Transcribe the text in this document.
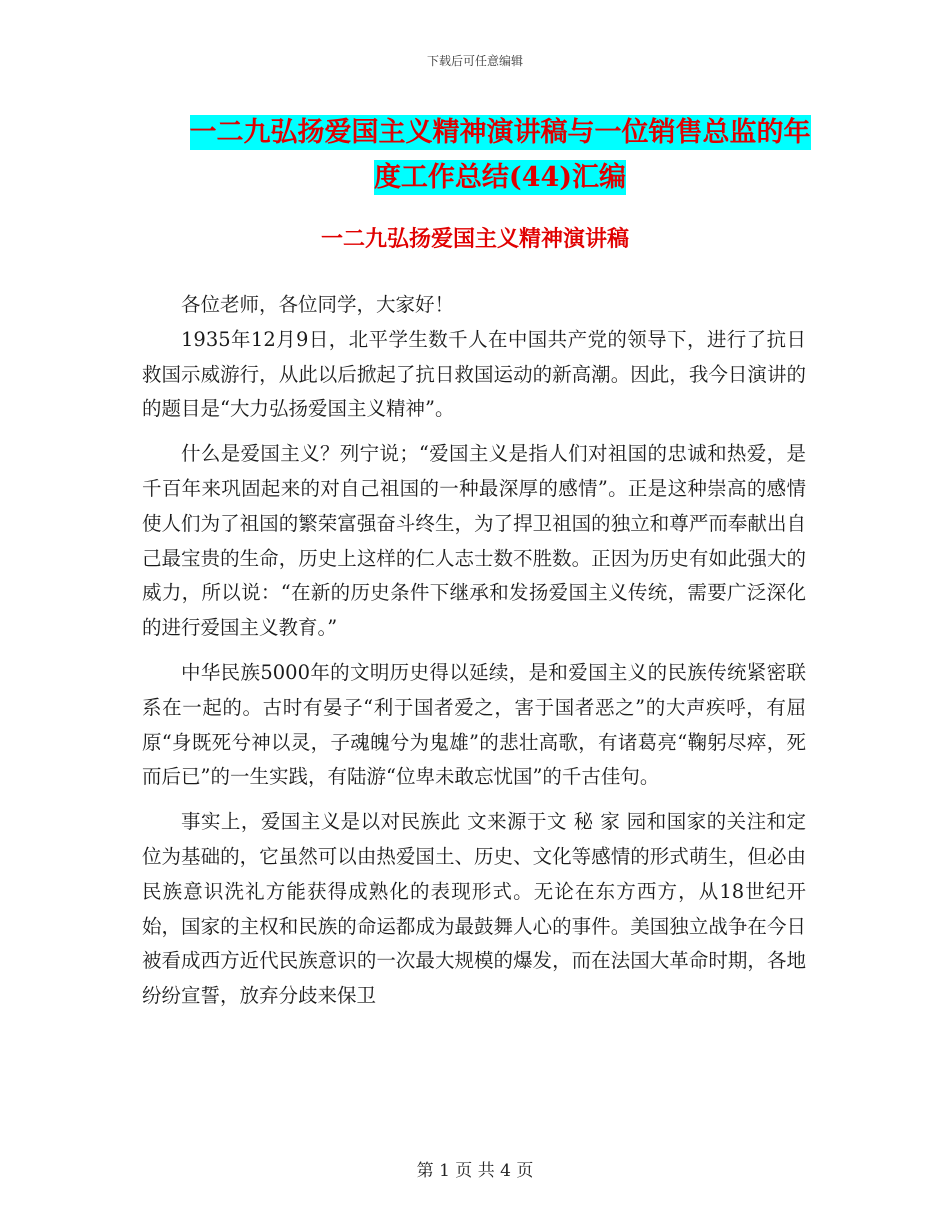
下载后可任意编辑
一二九弘扬爱国主义精神演讲稿与一位销售总监的年
度工作总结(44)汇编
一二九弘扬爱国主义精神演讲稿

各位老师，各位同学，大家好！

1935年12月9日，北平学生数千人在中国共产党的领导下，进行了抗日救国示威游行，从此以后掀起了抗日救国运动的新高潮。因此，我今日演讲的的题目是“大力弘扬爱国主义精神”。

什么是爱国主义？列宁说；“爱国主义是指人们对祖国的忠诚和热爱，是千百年来巩固起来的对自己祖国的一种最深厚的感情”。正是这种崇高的感情使人们为了祖国的繁荣富强奋斗终生，为了捍卫祖国的独立和尊严而奉献出自己最宝贵的生命，历史上这样的仁人志士数不胜数。正因为历史有如此强大的威力，所以说：“在新的历史条件下继承和发扬爱国主义传统，需要广泛深化的进行爱国主义教育。”

中华民族5000年的文明历史得以延续，是和爱国主义的民族传统紧密联系在一起的。古时有晏子“利于国者爱之，害于国者恶之”的大声疾呼，有屈原“身既死兮神以灵，子魂魄兮为鬼雄”的悲壮高歌，有诸葛亮“鞠躬尽瘁，死而后已”的一生实践，有陆游“位卑未敢忘忧国”的千古佳句。

事实上，爱国主义是以对民族此 文来源于文 秘 家 园和国家的关注和定位为基础的，它虽然可以由热爱国土、历史、文化等感情的形式萌生，但必由民族意识洗礼方能获得成熟化的表现形式。无论在东方西方，从18世纪开始，国家的主权和民族的命运都成为最鼓舞人心的事件。美国独立战争在今日被看成西方近代民族意识的一次最大规模的爆发，而在法国大革命时期，各地纷纷宣誓，放弃分歧来保卫

第 1 页 共 4 页
